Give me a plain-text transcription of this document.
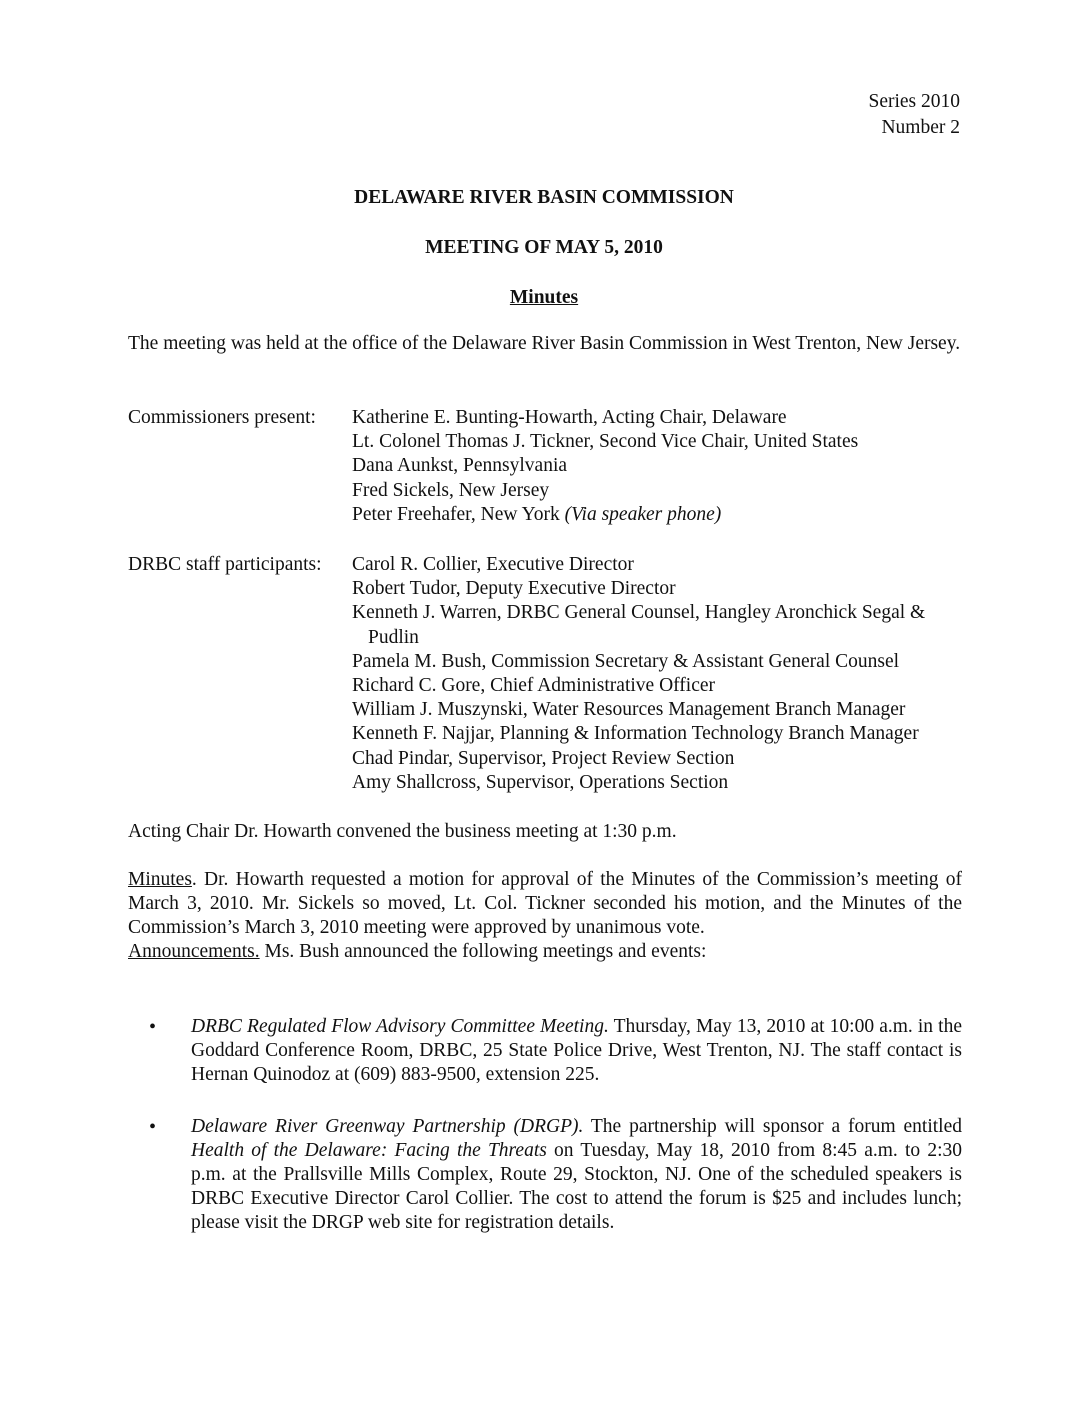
Series 2010
Number 2
DELAWARE RIVER BASIN COMMISSION
MEETING OF MAY 5, 2010
Minutes
The meeting was held at the office of the Delaware River Basin Commission in West Trenton, New Jersey.
Commissioners present: Katherine E. Bunting-Howarth, Acting Chair, Delaware
Lt. Colonel Thomas J. Tickner, Second Vice Chair, United States
Dana Aunkst, Pennsylvania
Fred Sickels, New Jersey
Peter Freehafer, New York (Via speaker phone)
DRBC staff participants: Carol R. Collier, Executive Director
Robert Tudor, Deputy Executive Director
Kenneth J. Warren, DRBC General Counsel, Hangley Aronchick Segal &
Pudlin
Pamela M. Bush, Commission Secretary & Assistant General Counsel
Richard C. Gore, Chief Administrative Officer
William J. Muszynski, Water Resources Management Branch Manager
Kenneth F. Najjar, Planning & Information Technology Branch Manager
Chad Pindar, Supervisor, Project Review Section
Amy Shallcross, Supervisor, Operations Section
Acting Chair Dr. Howarth convened the business meeting at 1:30 p.m.
Minutes. Dr. Howarth requested a motion for approval of the Minutes of the Commission’s meeting of March 3, 2010. Mr. Sickels so moved, Lt. Col. Tickner seconded his motion, and the Minutes of the Commission’s March 3, 2010 meeting were approved by unanimous vote.
Announcements. Ms. Bush announced the following meetings and events:
• DRBC Regulated Flow Advisory Committee Meeting. Thursday, May 13, 2010 at 10:00 a.m. in the Goddard Conference Room, DRBC, 25 State Police Drive, West Trenton, NJ. The staff contact is Hernan Quinodoz at (609) 883-9500, extension 225.
• Delaware River Greenway Partnership (DRGP). The partnership will sponsor a forum entitled Health of the Delaware: Facing the Threats on Tuesday, May 18, 2010 from 8:45 a.m. to 2:30 p.m. at the Prallsville Mills Complex, Route 29, Stockton, NJ. One of the scheduled speakers is DRBC Executive Director Carol Collier. The cost to attend the forum is $25 and includes lunch; please visit the DRGP web site for registration details.
